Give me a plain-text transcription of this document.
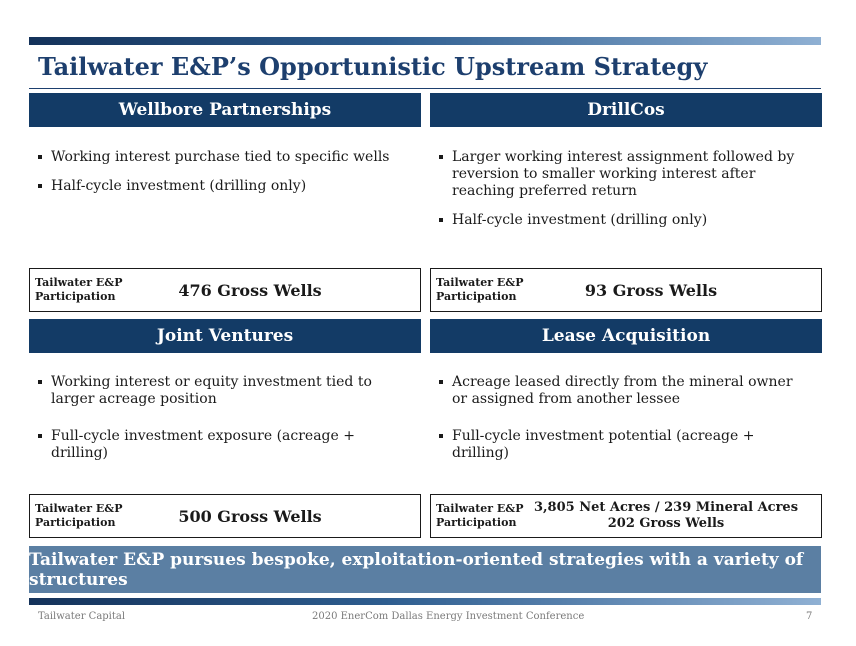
Tailwater E&P’s Opportunistic Upstream Strategy
Wellbore Partnerships
Working interest purchase tied to specific wells
Half-cycle investment (drilling only)
Tailwater E&P Participation	476 Gross Wells
DrillCos
Larger working interest assignment followed by reversion to smaller working interest after reaching preferred return
Half-cycle investment (drilling only)
Tailwater E&P Participation	93 Gross Wells
Joint Ventures
Working interest or equity investment tied to larger acreage position
Full-cycle investment exposure (acreage + drilling)
Tailwater E&P Participation	500 Gross Wells
Lease Acquisition
Acreage leased directly from the mineral owner or assigned from another lessee
Full-cycle investment potential (acreage + drilling)
Tailwater E&P Participation
3,805 Net Acres / 239 Mineral Acres
202 Gross Wells
Tailwater E&P pursues bespoke, exploitation-oriented strategies with a variety of structures
Tailwater Capital	2020 EnerCom Dallas Energy Investment Conference	7
